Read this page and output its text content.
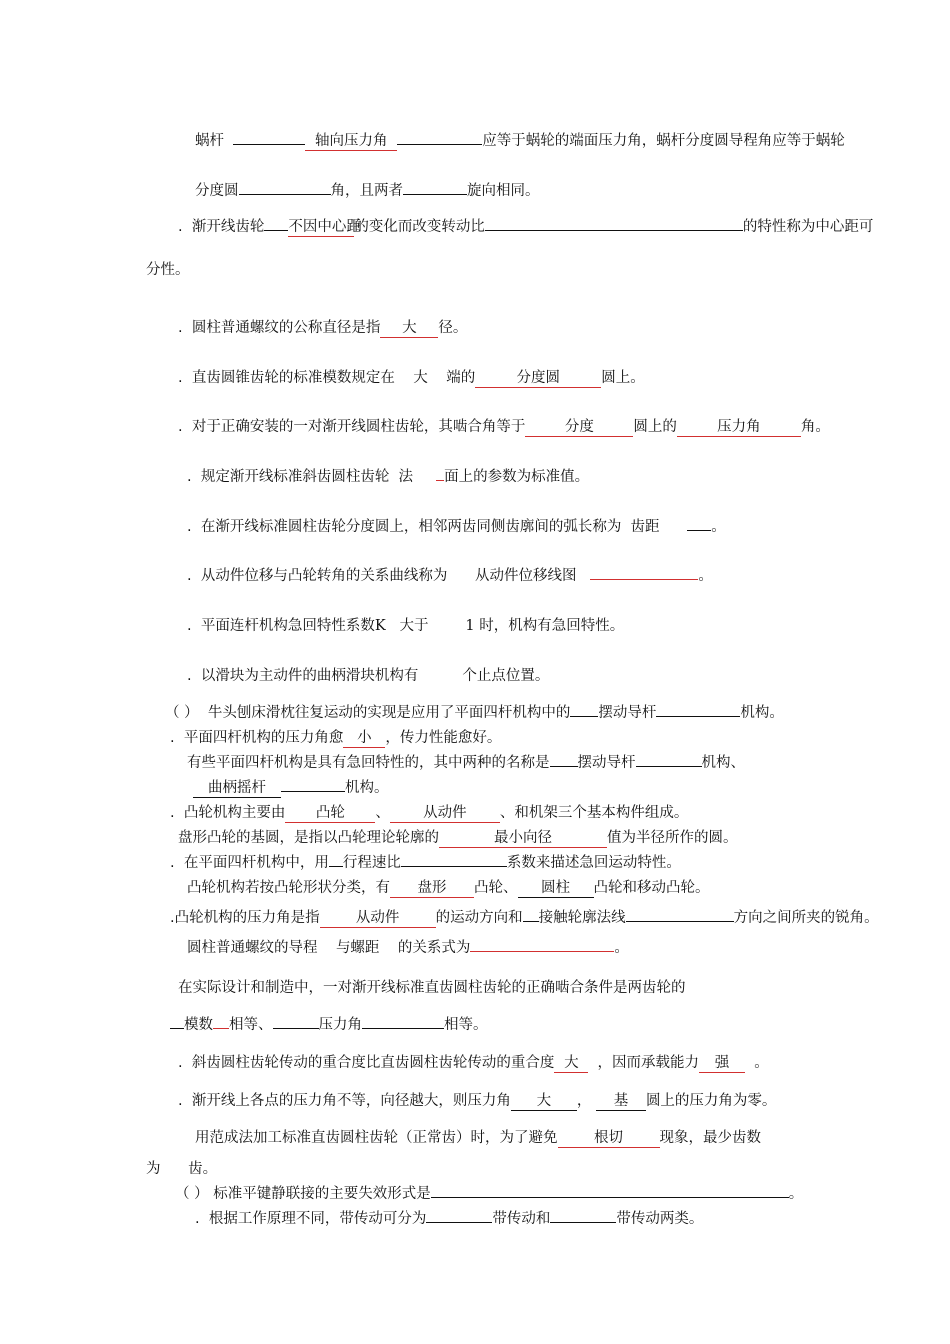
蜗杆	轴向压力角	应等于蜗轮的端面压力角，蜗杆分度圆导程角应等于蜗轮
分度圆	角，且两者	旋向相同。
. 渐开线齿轮 不因中心距的变化而改变转动比	的特性称为中心距可
分性。
. 圆柱普通螺纹的公称直径是指 大 径。
. 直齿圆锥齿轮的标准模数规定在 大 端的	分度圆	圆上。
. 对于正确安装的一对渐开线圆柱齿轮，其啮合角等于	分度	圆上的	压力角	角。
. 规定渐开线标准斜齿圆柱齿轮 法 面上的参数为标准值。
. 在渐开线标准圆柱齿轮分度圆上，相邻两齿同侧齿廓间的弧长称为 齿距	。
. 从动件位移与凸轮转角的关系曲线称为 从动件位移线图	。
. 平面连杆机构急回特性系数K 大于	1 时，机构有急回特性。
. 以滑块为主动件的曲柄滑块机构有	个止点位置。
（ ） 牛头刨床滑枕往复运动的实现是应用了平面四杆机构中的 摆动导杆	机构。
. 平面四杆机构的压力角愈 小 ，传力性能愈好。
有些平面四杆机构是具有急回特性的，其中两种的名称是 摆动导杆	机构、
曲柄摇杆	机构。
. 凸轮机构主要由 凸轮 、 从动件 、和机架三个基本构件组成。
盘形凸轮的基圆，是指以凸轮理论轮廓的	最小向径	值为半径所作的圆。
. 在平面四杆机构中，用 行程速比	系数来描述急回运动特性。
凸轮机构若按凸轮形状分类，有 盘形 凸轮、 圆柱 凸轮和移动凸轮。
.凸轮机构的压力角是指	从动件	的运动方向和 接触轮廓法线	方向之间所夹的锐角。
圆柱普通螺纹的导程 与螺距 的关系式为	。
在实际设计和制造中，一对渐开线标准直齿圆柱齿轮的正确啮合条件是两齿轮的
模数 相等、	压力角	相等。
. 斜齿圆柱齿轮传动的重合度比直齿圆柱齿轮传动的重合度 大 ，因而承载能力 强 。
. 渐开线上各点的压力角不等，向径越大，则压力角 大 ， 基 圆上的压力角为零。
用范成法加工标准直齿圆柱齿轮（正常齿）时，为了避免	根切	现象，最少齿数
为 齿。
（ ） 标准平键静联接的主要失效形式是	。
. 根据工作原理不同，带传动可分为	带传动和	带传动两类。
